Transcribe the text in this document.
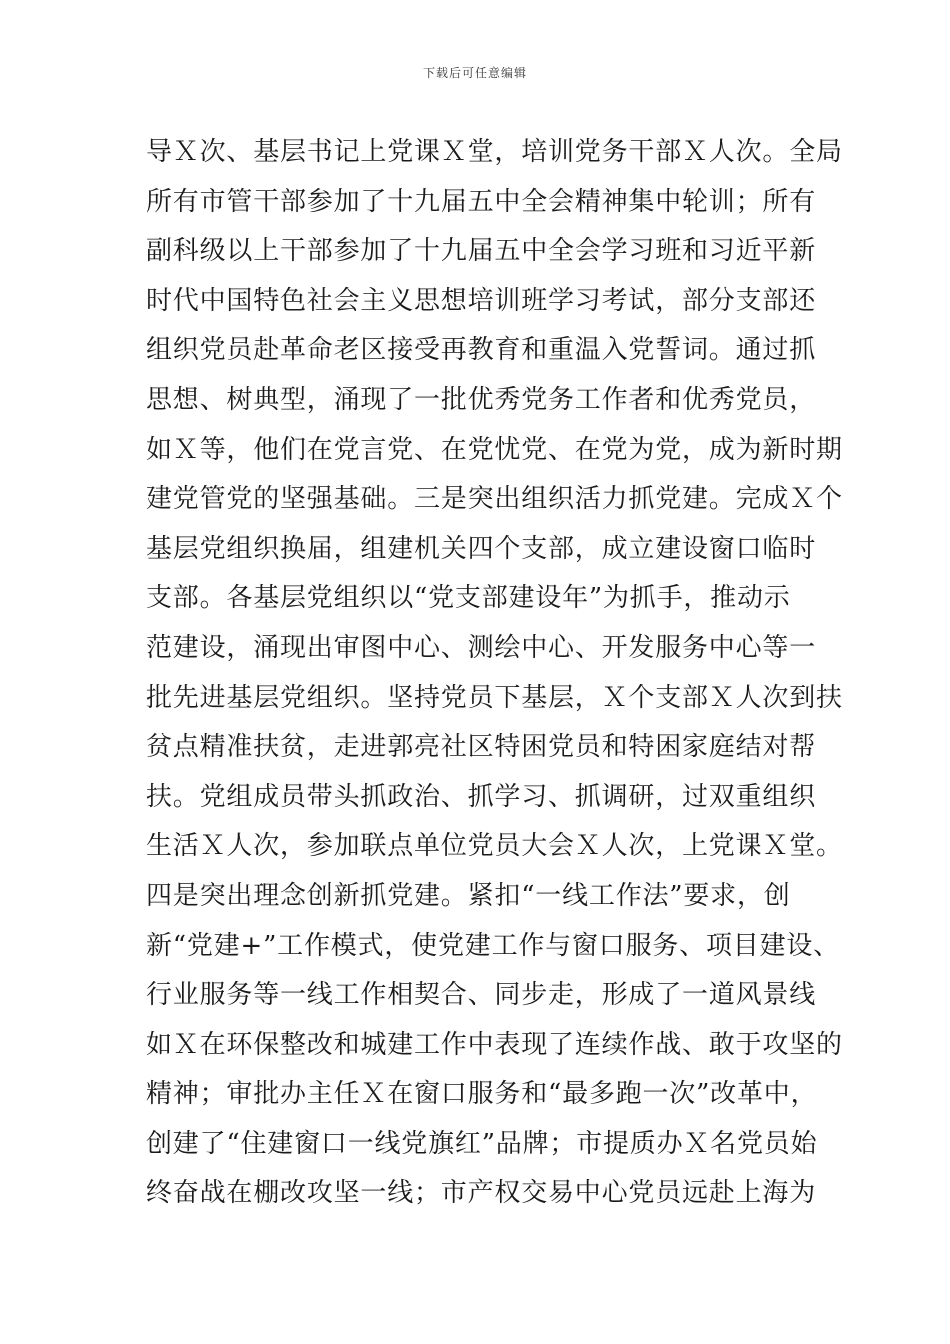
下载后可任意编辑
导Ｘ次、基层书记上党课Ｘ堂，培训党务干部Ｘ人次。全局
所有市管干部参加了十九届五中全会精神集中轮训；所有
副科级以上干部参加了十九届五中全会学习班和习近平新
时代中国特色社会主义思想培训班学习考试，部分支部还
组织党员赴革命老区接受再教育和重温入党誓词。通过抓
思想、树典型，涌现了一批优秀党务工作者和优秀党员，
如Ｘ等，他们在党言党、在党忧党、在党为党，成为新时期
建党管党的坚强基础。三是突出组织活力抓党建。完成Ｘ个
基层党组织换届，组建机关四个支部，成立建设窗口临时
支部。各基层党组织以“党支部建设年”为抓手，推动示
范建设，涌现出审图中心、测绘中心、开发服务中心等一
批先进基层党组织。坚持党员下基层，Ｘ个支部Ｘ人次到扶
贫点精准扶贫，走进郭亮社区特困党员和特困家庭结对帮
扶。党组成员带头抓政治、抓学习、抓调研，过双重组织
生活Ｘ人次，参加联点单位党员大会Ｘ人次，上党课Ｘ堂。
四是突出理念创新抓党建。紧扣“一线工作法”要求，创
新“党建+”工作模式，使党建工作与窗口服务、项目建设、
行业服务等一线工作相契合、同步走，形成了一道风景线
如Ｘ在环保整改和城建工作中表现了连续作战、敢于攻坚的
精神；审批办主任Ｘ在窗口服务和“最多跑一次”改革中，
创建了“住建窗口一线党旗红”品牌；市提质办Ｘ名党员始
终奋战在棚改攻坚一线；市产权交易中心党员远赴上海为
